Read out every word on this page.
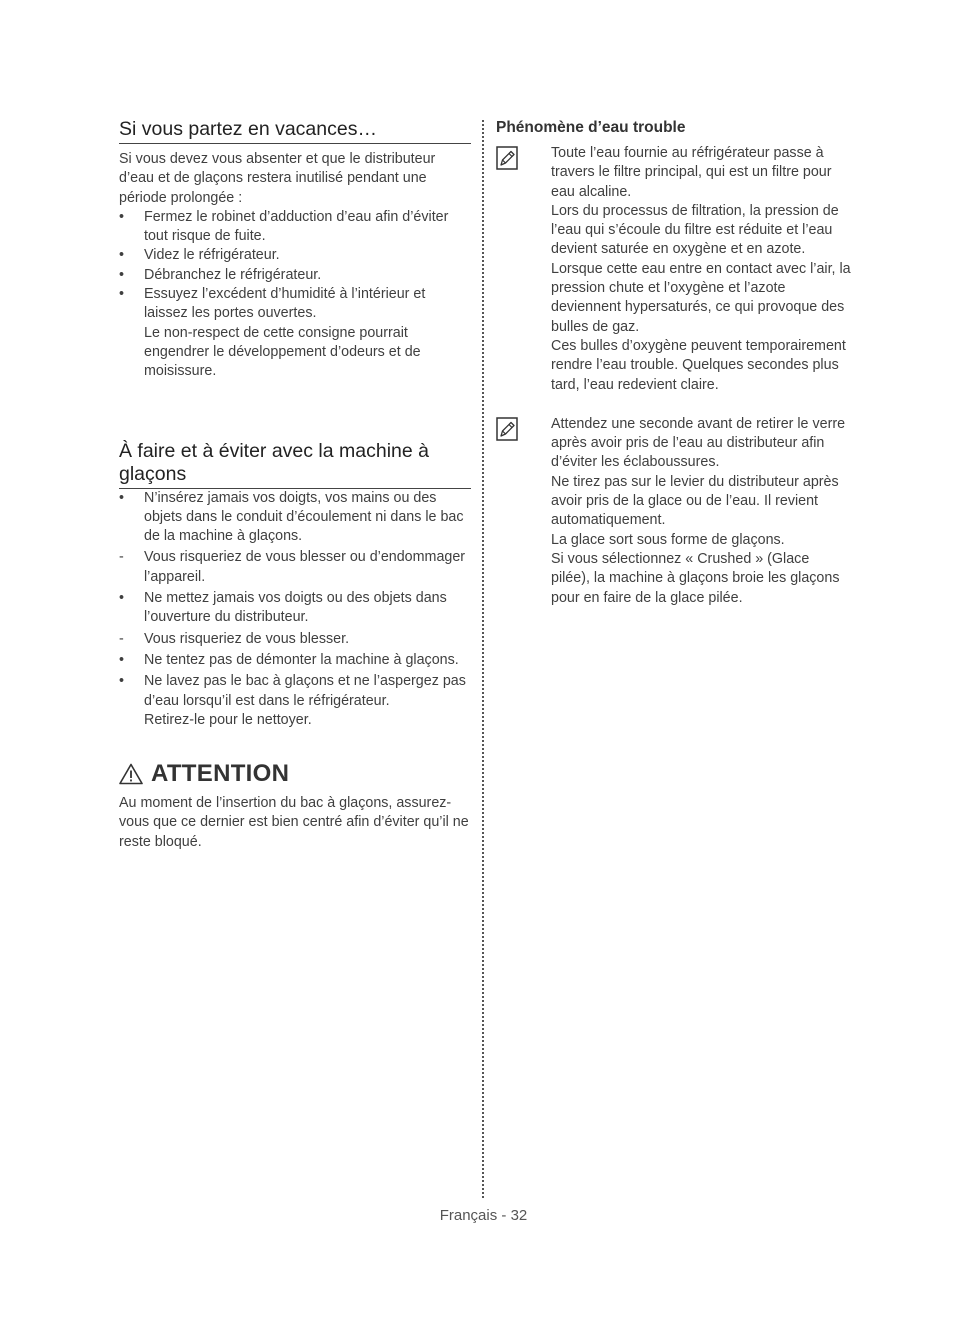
Si vous partez en vacances…

Si vous devez vous absenter et que le distributeur d’eau et de glaçons restera inutilisé pendant une période prolongée :

•	Fermez le robinet d’adduction d’eau afin d’éviter tout risque de fuite.
•	Videz le réfrigérateur.
•	Débranchez le réfrigérateur.
•	Essuyez l’excédent d’humidité à l’intérieur et laissez les portes ouvertes.
Le non-respect de cette consigne pourrait engendrer le développement d’odeurs et de moisissure.
À faire et à éviter avec la machine à glaçons
•	N’insérez jamais vos doigts, vos mains ou des objets dans le conduit d’écoulement ni dans le bac de la machine à glaçons.
-	Vous risqueriez de vous blesser ou d’endommager l’appareil.
•	Ne mettez jamais vos doigts ou des objets dans l’ouverture du distributeur.
-	Vous risqueriez de vous blesser.
•	Ne tentez pas de démonter la machine à glaçons.
•	Ne lavez pas le bac à glaçons et ne l’aspergez pas d’eau lorsqu’il est dans le réfrigérateur.
Retirez-le pour le nettoyer.
ATTENTION

Au moment de l’insertion du bac à glaçons, assurez-vous que ce dernier est bien centré afin d’éviter qu’il ne reste bloqué.

Phénomène d’eau trouble

Toute l’eau fournie au réfrigérateur passe à travers le filtre principal, qui est un filtre pour eau alcaline.

Lors du processus de filtration, la pression de l’eau qui s’écoule du filtre est réduite et l’eau devient saturée en oxygène et en azote. Lorsque cette eau entre en contact avec l’air, la pression chute et l’oxygène et l’azote deviennent hypersaturés, ce qui provoque des bulles de gaz.

Ces bulles d’oxygène peuvent temporairement rendre l’eau trouble. Quelques secondes plus tard, l’eau redevient claire.

Attendez une seconde avant de retirer le verre après avoir pris de l’eau au distributeur afin d’éviter les éclaboussures.

Ne tirez pas sur le levier du distributeur après avoir pris de la glace ou de l’eau. Il revient automatiquement.

La glace sort sous forme de glaçons.

Si vous sélectionnez « Crushed » (Glace pilée), la machine à glaçons broie les glaçons pour en faire de la glace pilée.

Français - 32
